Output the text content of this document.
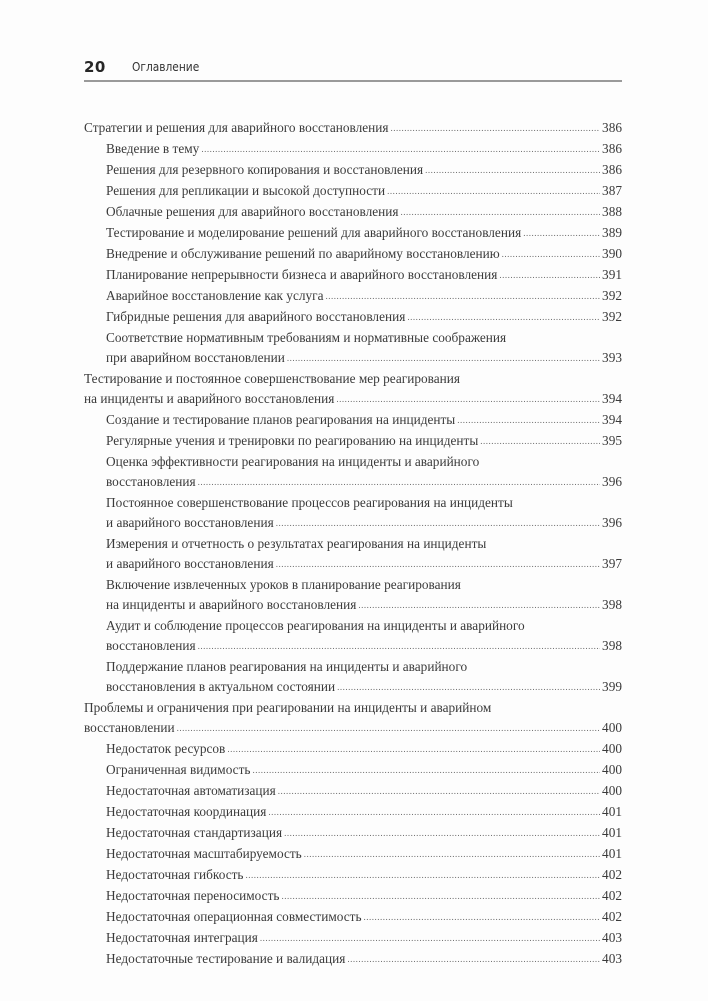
20 Оглавление
Стратегии и решения для аварийного восстановления .....	386
Введение в тему .....	386
Решения для резервного копирования и восстановления .....	386
Решения для репликации и высокой доступности .....	387
Облачные решения для аварийного восстановления .....	388
Тестирование и моделирование решений для аварийного восстановления .....	389
Внедрение и обслуживание решений по аварийному восстановлению .....	390
Планирование непрерывности бизнеса и аварийного восстановления .....	391
Аварийное восстановление как услуга .....	392
Гибридные решения для аварийного восстановления .....	392
Соответствие нормативным требованиям и нормативные соображения
при аварийном восстановлении .....	393
Тестирование и постоянное совершенствование мер реагирования
на инциденты и аварийного восстановления .....	394
Создание и тестирование планов реагирования на инциденты .....	394
Регулярные учения и тренировки по реагированию на инциденты .....	395
Оценка эффективности реагирования на инциденты и аварийного
восстановления .....	396
Постоянное совершенствование процессов реагирования на инциденты
и аварийного восстановления .....	396
Измерения и отчетность о результатах реагирования на инциденты
и аварийного восстановления .....	397
Включение извлеченных уроков в планирование реагирования
на инциденты и аварийного восстановления .....	398
Аудит и соблюдение процессов реагирования на инциденты и аварийного
восстановления .....	398
Поддержание планов реагирования на инциденты и аварийного
восстановления в актуальном состоянии .....	399
Проблемы и ограничения при реагировании на инциденты и аварийном
восстановлении .....	400
Недостаток ресурсов .....	400
Ограниченная видимость .....	400
Недостаточная автоматизация .....	400
Недостаточная координация .....	401
Недостаточная стандартизация .....	401
Недостаточная масштабируемость .....	401
Недостаточная гибкость .....	402
Недостаточная переносимость .....	402
Недостаточная операционная совместимость .....	402
Недостаточная интеграция .....	403
Недостаточные тестирование и валидация .....	403
